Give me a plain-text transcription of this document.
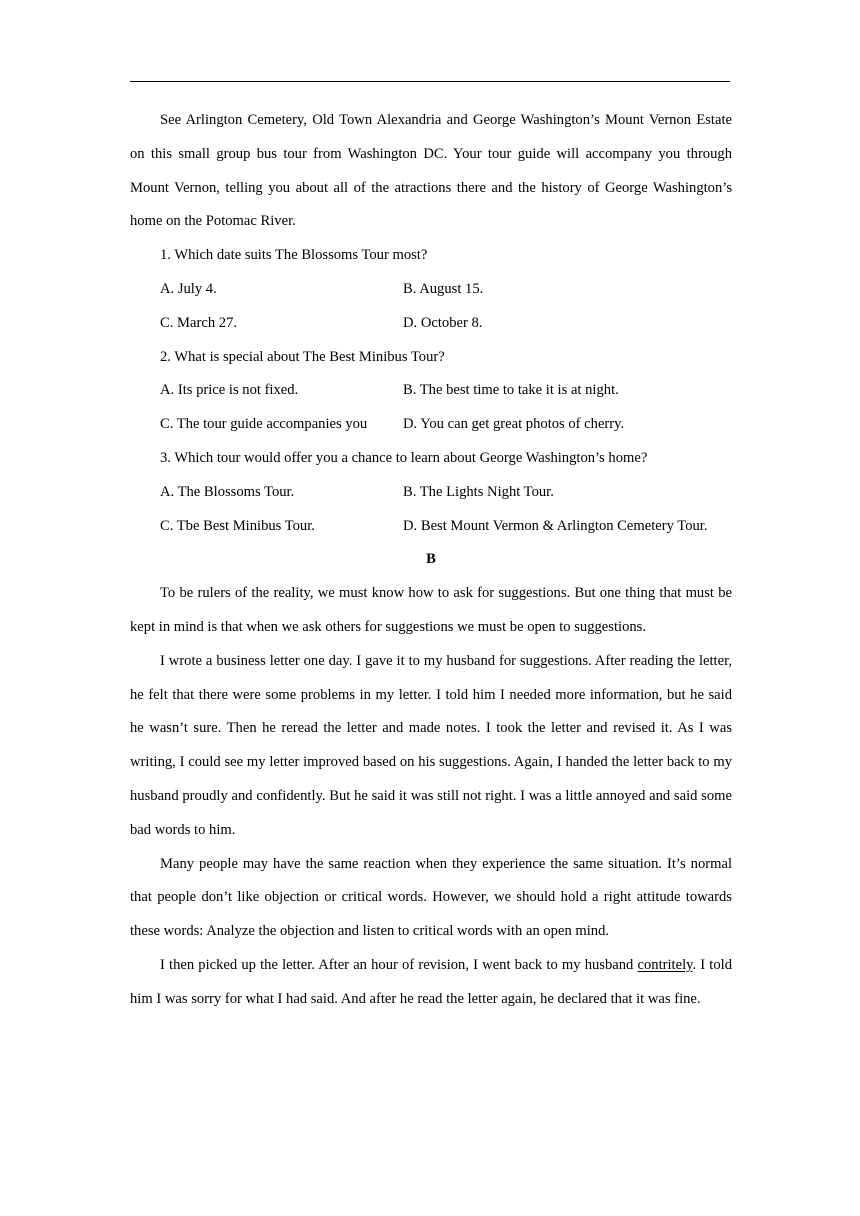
See Arlington Cemetery, Old Town Alexandria and George Washington’s Mount Vernon Estate on this small group bus tour from Washington DC. Your tour guide will accompany you through Mount Vernon, telling you about all of the atractions there and the history of George Washington’s home on the Potomac River.

1. Which date suits The Blossoms Tour most?

A. July 4.	B. August 15.
C. March 27.	D. October 8.

2. What is special about The Best Minibus Tour?

A. Its price is not fixed.	B. The best time to take it is at night.
C. The tour guide accompanies you	D. You can get great photos of cherry.

3. Which tour would offer you a chance to learn about George Washington’s home?

A. The Blossoms Tour.	B. The Lights Night Tour.
C. Tbe Best Minibus Tour.	D. Best Mount Vermon & Arlington Cemetery Tour.

B

To be rulers of the reality, we must know how to ask for suggestions. But one thing that must be kept in mind is that when we ask others for suggestions we must be open to suggestions.

I wrote a business letter one day. I gave it to my husband for suggestions. After reading the letter, he felt that there were some problems in my letter. I told him I needed more information, but he said he wasn’t sure. Then he reread the letter and made notes. I took the letter and revised it. As I was writing, I could see my letter improved based on his suggestions. Again, I handed the letter back to my husband proudly and confidently. But he said it was still not right. I was a little annoyed and said some bad words to him.

Many people may have the same reaction when they experience the same situation. It’s normal that people don’t like objection or critical words. However, we should hold a right attitude towards these words: Analyze the objection and listen to critical words with an open mind.

I then picked up the letter. After an hour of revision, I went back to my husband contritely. I told him I was sorry for what I had said. And after he read the letter again, he declared that it was fine.
